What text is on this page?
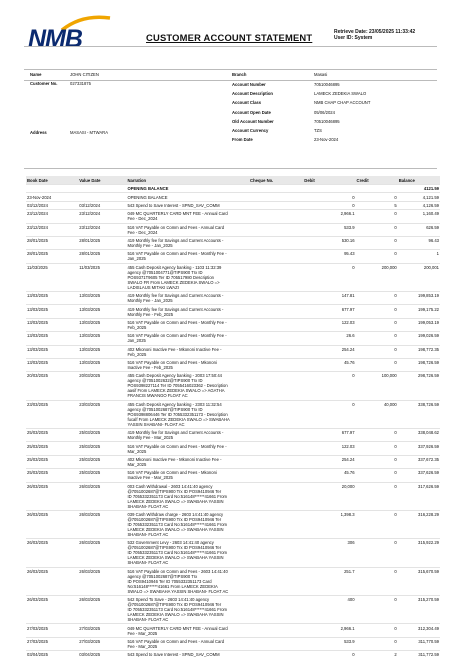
NMB	CUSTOMER ACCOUNT STATEMENT	Retrieve Date: 23/05/2025 11:33:42
User ID: System
Name	JOHN CITIZEN
Customer No.	027331875
Address	MASASI - MTWARA
Branch	Masasi
Account Number	70510046895
Account Description	LAMECK ZEDEKIA SWALO
Account Class	NMB CHAP CHAP ACCOUNT
Account Open Date	05/06/2024
Old Account Number	70510046895
Account Currency	TZS
From Date	23-Nov-2024
Book Date	Value Date	Narration	Cheque No.	Debit	Credit	Balance
		OPENING BALANCE				4121.59
23-Nov-2024		OPENING BALANCE		0	0	4,121.59
03/12/2024	03/12/2024	543 Spend to Save Interest - SPND_SAV_COMM		0	5	4,126.59
23/12/2024	23/12/2024	049 MC QUARTERLY CARD MNT FEE - Annual Card
Fee - Dec_2024		2,966.1	0	1,160.49
23/12/2024	23/12/2024	516 VAT Payable on Comm and Fees - Annual Card
Fee - Dec_2024		533.9	0	626.59
28/01/2025	28/01/2025	419 Monthly fee for Savings and Current Accounts -
Monthly Fee - Jan_2025		530.16	0	96.43
28/01/2025	28/01/2025	516 VAT Payable on Comm and Fees - Monthly Fee -
Jan_2025		95.43	0	1
11/03/2025	11/03/2025	455 Cash Deposit Agency banking - 1103 11:32:39
agency @7051004771@TIPS900 Trx ID
POS9371T9605 Ter ID 705517980 Description
SWALO FR From LAMECK ZEDEKIA SWALO =>
LADISLAUS MITAKI LWAZI		0	200,000	200,001
13/03/2025	13/03/2025	419 Monthly fee for Savings and Current Accounts -
Monthly Fee - Jan_2025		147.81	0	199,853.19
13/03/2025	13/03/2025	419 Monthly fee for Savings and Current Accounts -
Monthly Fee - Feb_2025		677.97	0	199,175.22
13/03/2025	13/03/2025	516 VAT Payable on Comm and Fees - Monthly Fee -
Feb_2025		122.03	0	199,053.19
13/03/2025	13/03/2025	516 VAT Payable on Comm and Fees - Monthly Fee -
Jan_2025		26.6	0	199,026.59
13/03/2025	13/03/2025	402 Mkononi Inactive Fee - Mkononi Inactive Fee -
Feb_2025		254.24	0	198,772.35
13/03/2025	13/03/2025	516 VAT Payable on Comm and Fees - Mkononi
Inactive Fee - Feb_2025		45.76	0	198,726.59
20/03/2025	20/03/2025	455 Cash Deposit Agency banking - 2003 17:50:44
agency @7051002632@TIPS900 Trx ID
POS9398227114 Ter ID 7055416023362 - Description
aasif From LAMECK ZEDEKIA SWALO => AGATHA
FRANCIS MWANGO FLOAT AC		0	100,000	298,726.59
23/03/2025	23/03/2025	455 Cash Deposit Agency banking - 2303 11:32:54
agency @7051002687@TIPS900 Trx ID
POS9398806446 Ter ID 7055332351173 - Description
fucalf From LAMECK ZEDEKIA SWALO => SWABAHA
YASSIN SHABANI- FLOAT AC		0	40,000	338,726.59
25/03/2025	25/03/2025	419 Monthly fee for Savings and Current Accounts -
Monthly Fee - Mar_2025		677.97	0	338,048.62
25/03/2025	25/03/2025	516 VAT Payable on Comm and Fees - Monthly Fee -
Mar_2025		122.03	0	337,926.59
25/03/2025	25/03/2025	402 Mkononi Inactive Fee - Mkononi Inactive Fee -
Mar_2025		254.24	0	337,672.35
25/03/2025	25/03/2025	516 VAT Payable on Comm and Fees - Mkononi
Inactive Fee - Mar_2025		45.76	0	337,626.59
26/03/2025	26/03/2025	003 Cash Withdrawal - 2603 14:41:40 agency
@7051002687@TIPS900 Trx ID POS9410946 Ter
ID 7055332351173 Card No:516148******41661 From
LAMECK ZEDEKIA SWALO => SWABAHA YASSIN
SHABANI- FLOAT AC		20,000	0	317,626.59
26/03/2025	26/03/2025	039 Cash Withdraw charge - 2603 14:41:40 agency
@7051002687@TIPS900 Trx ID POS9410946 Ter
ID 7055332351173 Card No:516148******41661 From
LAMECK ZEDEKIA SWALO => SWABAHA YASSIN
SHABANI- FLOAT AC		1,398.3	0	316,228.29
26/03/2025	26/03/2025	532 Government Levy - 2603 14:41:40 agency
@7051002687@TIPS900 Trx ID POS9410946 Ter
ID 7055332351173 Card No:516148******41661 From
LAMECK ZEDEKIA SWALO => SWABAHA YASSIN
SHABANI- FLOAT AC		306	0	315,922.29
26/03/2025	26/03/2025	516 VAT Payable on Comm and Fees - 2603 14:41:40
agency @7051002687@TIPS900 Trx
ID POS9410946 Ter ID 7055332351173 Card
No:516148******41661 From LAMECK ZEDEKIA
SWALO => SWABAHA YASSIN SHABANI- FLOAT AC		251.7	0	315,670.59
26/03/2025	26/03/2025	542 Spend To Save - 2603 14:41:40 agency
@7051002687@TIPS900 Trx ID POS9410946 Ter
ID 7055332351173 Card No:516148******41661 From
LAMECK ZEDEKIA SWALO => SWABAHA YASSIN
SHABANI- FLOAT AC		400	0	315,270.59
27/03/2025	27/03/2025	049 MC QUARTERLY CARD MNT FEE - Annual Card
Fee - Mar_2025		2,966.1	0	312,304.49
27/03/2025	27/03/2025	516 VAT Payable on Comm and Fees - Annual Card
Fee - Mar_2025		533.9	0	311,770.59
03/04/2025	03/04/2025	543 Spend to Save Interest - SPND_SAV_COMM		0	2	311,772.59
